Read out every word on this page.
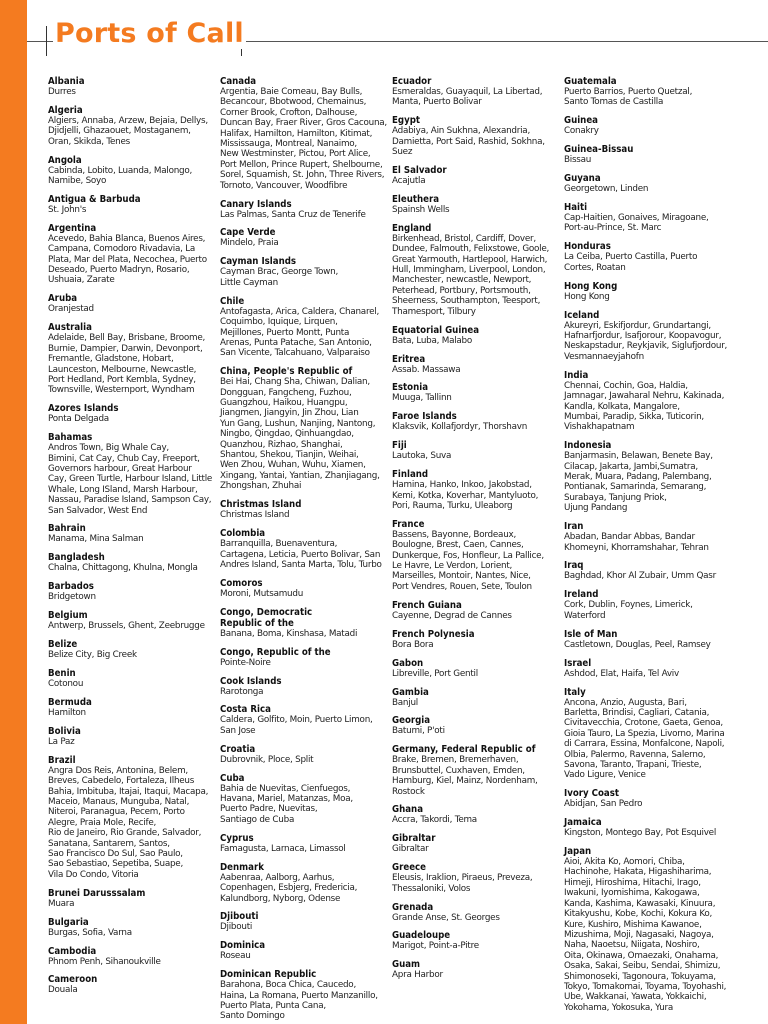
Ports of Call
Albania
Durres
Algeria
Algiers, Annaba, Arzew, Bejaia, Dellys,
Djidjelli, Ghazaouet, Mostaganem,
Oran, Skikda, Tenes
Angola
Cabinda, Lobito, Luanda, Malongo,
Namibe, Soyo
Antigua & Barbuda
St. John's
Argentina
Acevedo, Bahia Blanca, Buenos Aires,
Campana, Comodoro Rivadavia, La
Plata, Mar del Plata, Necochea, Puerto
Deseado, Puerto Madryn, Rosario,
Ushuaia, Zarate
Aruba
Oranjestad
Australia
Adelaide, Bell Bay, Brisbane, Broome,
Burnie, Dampier, Darwin, Devonport,
Fremantle, Gladstone, Hobart,
Launceston, Melbourne, Newcastle,
Port Hedland, Port Kembla, Sydney,
Townsville, Westernport, Wyndham
Azores Islands
Ponta Delgada
Bahamas
Andros Town, Big Whale Cay,
Bimini, Cat Cay, Chub Cay, Freeport,
Governors harbour, Great Harbour
Cay, Green Turtle, Harbour Island, Little
Whale, Long ISland, Marsh Harbour,
Nassau, Paradise Island, Sampson Cay,
San Salvador, West End
Bahrain
Manama, Mina Salman
Bangladesh
Chalna, Chittagong, Khulna, Mongla
Barbados
Bridgetown
Belgium
Antwerp, Brussels, Ghent, Zeebrugge
Belize
Belize City, Big Creek
Benin
Cotonou
Bermuda
Hamilton
Bolivia
La Paz
Brazil
Angra Dos Reis, Antonina, Belem,
Breves, Cabedelo, Fortaleza, Ilheus
Bahia, Imbituba, Itajai, Itaqui, Macapa,
Maceio, Manaus, Munguba, Natal,
Niteroi, Paranagua, Pecem, Porto
Alegre, Praia Mole, Recife,
Rio de Janeiro, Rio Grande, Salvador,
Sanatana, Santarem, Santos,
Sao Francisco Do Sul, Sao Paulo,
Sao Sebastiao, Sepetiba, Suape,
Vila Do Condo, Vitoria
Brunei Darusssalam
Muara
Bulgaria
Burgas, Sofia, Varna
Cambodia
Phnom Penh, Sihanoukville
Cameroon
Douala
Canada
Argentia, Baie Comeau, Bay Bulls,
Becancour, Bbotwood, Chemainus,
Corner Brook, Crofton, Dalhouse,
Duncan Bay, Fraer River, Gros Cacouna,
Halifax, Hamilton, Hamilton, Kitimat,
Mississauga, Montreal, Nanaimo,
New Westminster, Pictou, Port Alice,
Port Mellon, Prince Rupert, Shelbourne,
Sorel, Squamish, St. John, Three Rivers,
Tornoto, Vancouver, Woodfibre
Canary Islands
Las Palmas, Santa Cruz de Tenerife
Cape Verde
Mindelo, Praia
Cayman Islands
Cayman Brac, George Town,
Little Cayman
Chile
Antofagasta, Arica, Caldera, Chanarel,
Coquimbo, Iquique, Lirquen,
Mejillones, Puerto Montt, Punta
Arenas, Punta Patache, San Antonio,
San Vicente, Talcahuano, Valparaiso
China, People's Republic of
Bei Hai, Chang Sha, Chiwan, Dalian,
Dongguan, Fangcheng, Fuzhou,
Guangzhou, Haikou, Huangpu,
Jiangmen, Jiangyin, Jin Zhou, Lian
Yun Gang, Lushun, Nanjing, Nantong,
Ningbo, Qingdao, Qinhuangdao,
Quanzhou, Rizhao, Shanghai,
Shantou, Shekou, Tianjin, Weihai,
Wen Zhou, Wuhan, Wuhu, Xiamen,
Xingang, Yantai, Yantian, Zhanjiagang,
Zhongshan, Zhuhai
Christmas Island
Christmas Island
Colombia
Barranquilla, Buenaventura,
Cartagena, Leticia, Puerto Bolivar, San
Andres Island, Santa Marta, Tolu, Turbo
Comoros
Moroni, Mutsamudu
Congo, Democratic
Republic of the
Banana, Boma, Kinshasa, Matadi
Congo, Republic of the
Pointe-Noire
Cook Islands
Rarotonga
Costa Rica
Caldera, Golfito, Moin, Puerto Limon,
San Jose
Croatia
Dubrovnik, Ploce, Split
Cuba
Bahia de Nuevitas, Cienfuegos,
Havana, Mariel, Matanzas, Moa,
Puerto Padre, Nuevitas,
Santiago de Cuba
Cyprus
Famagusta, Larnaca, Limassol
Denmark
Aabenraa, Aalborg, Aarhus,
Copenhagen, Esbjerg, Fredericia,
Kalundborg, Nyborg, Odense
Djibouti
Djibouti
Dominica
Roseau
Dominican Republic
Barahona, Boca Chica, Caucedo,
Haina, La Romana, Puerto Manzanillo,
Puerto Plata, Punta Cana,
Santo Domingo
Ecuador
Esmeraldas, Guayaquil, La Libertad,
Manta, Puerto Bolivar
Egypt
Adabiya, Ain Sukhna, Alexandria,
Damietta, Port Said, Rashid, Sokhna,
Suez
El Salvador
Acajutla
Eleuthera
Spainsh Wells
England
Birkenhead, Bristol, Cardiff, Dover,
Dundee, Falmouth, Felixstowe, Goole,
Great Yarmouth, Hartlepool, Harwich,
Hull, Immingham, Liverpool, London,
Manchester, newcastle, Newport,
Peterhead, Portbury, Portsmouth,
Sheerness, Southampton, Teesport,
Thamesport, Tilbury
Equatorial Guinea
Bata, Luba, Malabo
Eritrea
Assab. Massawa
Estonia
Muuga, Tallinn
Faroe Islands
Klaksvik, Kollafjordyr, Thorshavn
Fiji
Lautoka, Suva
Finland
Hamina, Hanko, Inkoo, Jakobstad,
Kemi, Kotka, Koverhar, Mantyluoto,
Pori, Rauma, Turku, Uleaborg
France
Bassens, Bayonne, Bordeaux,
Boulogne, Brest, Caen, Cannes,
Dunkerque, Fos, Honfleur, La Pallice,
Le Havre, Le Verdon, Lorient,
Marseilles, Montoir, Nantes, Nice,
Port Vendres, Rouen, Sete, Toulon
French Guiana
Cayenne, Degrad de Cannes
French Polynesia
Bora Bora
Gabon
Libreville, Port Gentil
Gambia
Banjul
Georgia
Batumi, P'oti
Germany, Federal Republic of
Brake, Bremen, Bremerhaven,
Brunsbuttel, Cuxhaven, Emden,
Hamburg, Kiel, Mainz, Nordenham,
Rostock
Ghana
Accra, Takordi, Tema
Gibraltar
Gibraltar
Greece
Eleusis, Iraklion, Piraeus, Preveza,
Thessaloniki, Volos
Grenada
Grande Anse, St. Georges
Guadeloupe
Marigot, Point-a-Pitre
Guam
Apra Harbor
Guatemala
Puerto Barrios, Puerto Quetzal,
Santo Tomas de Castilla
Guinea
Conakry
Guinea-Bissau
Bissau
Guyana
Georgetown, Linden
Haiti
Cap-Haitien, Gonaives, Miragoane,
Port-au-Prince, St. Marc
Honduras
La Ceiba, Puerto Castilla, Puerto
Cortes, Roatan
Hong Kong
Hong Kong
Iceland
Akureyri, Eskifjordur, Grundartangi,
Hafnarfjordur, Isafjorour, Koopavogur,
Neskapstadur, Reykjavik, Siglufjordour,
Vesmannaeyjahofn
India
Chennai, Cochin, Goa, Haldia,
Jamnagar, Jawaharal Nehru, Kakinada,
Kandla, Kolkata, Mangalore,
Mumbai, Paradip, Sikka, Tuticorin,
Vishakhapatnam
Indonesia
Banjarmasin, Belawan, Benete Bay,
Cilacap, Jakarta, Jambi,Sumatra,
Merak, Muara, Padang, Palembang,
Pontianak, Samarinda, Semarang,
Surabaya, Tanjung Priok,
Ujung Pandang
Iran
Abadan, Bandar Abbas, Bandar
Khomeyni, Khorramshahar, Tehran
Iraq
Baghdad, Khor Al Zubair, Umm Qasr
Ireland
Cork, Dublin, Foynes, Limerick,
Waterford
Isle of Man
Castletown, Douglas, Peel, Ramsey
Israel
Ashdod, Elat, Haifa, Tel Aviv
Italy
Ancona, Anzio, Augusta, Bari,
Barletta, Brindisi, Cagliari, Catania,
Civitavecchia, Crotone, Gaeta, Genoa,
Gioia Tauro, La Spezia, Livorno, Marina
di Carrara, Essina, Monfalcone, Napoli,
Olbia, Palermo, Ravenna, Salerno,
Savona, Taranto, Trapani, Trieste,
Vado Ligure, Venice
Ivory Coast
Abidjan, San Pedro
Jamaica
Kingston, Montego Bay, Pot Esquivel
Japan
Aioi, Akita Ko, Aomori, Chiba,
Hachinohe, Hakata, Higashiharima,
Himeji, Hiroshima, Hitachi, Irago,
Iwakuni, Iyomishima, Kakogawa,
Kanda, Kashima, Kawasaki, Kinuura,
Kitakyushu, Kobe, Kochi, Kokura Ko,
Kure, Kushiro, Mishima Kawanoe,
Mizushima, Moji, Nagasaki, Nagoya,
Naha, Naoetsu, Niigata, Noshiro,
Oita, Okinawa, Omaezaki, Onahama,
Osaka, Sakai, Seibu, Sendai, Shimizu,
Shimonoseki, Tagonoura, Tokuyama,
Tokyo, Tomakomai, Toyama, Toyohashi,
Ube, Wakkanai, Yawata, Yokkaichi,
Yokohama, Yokosuka, Yura
